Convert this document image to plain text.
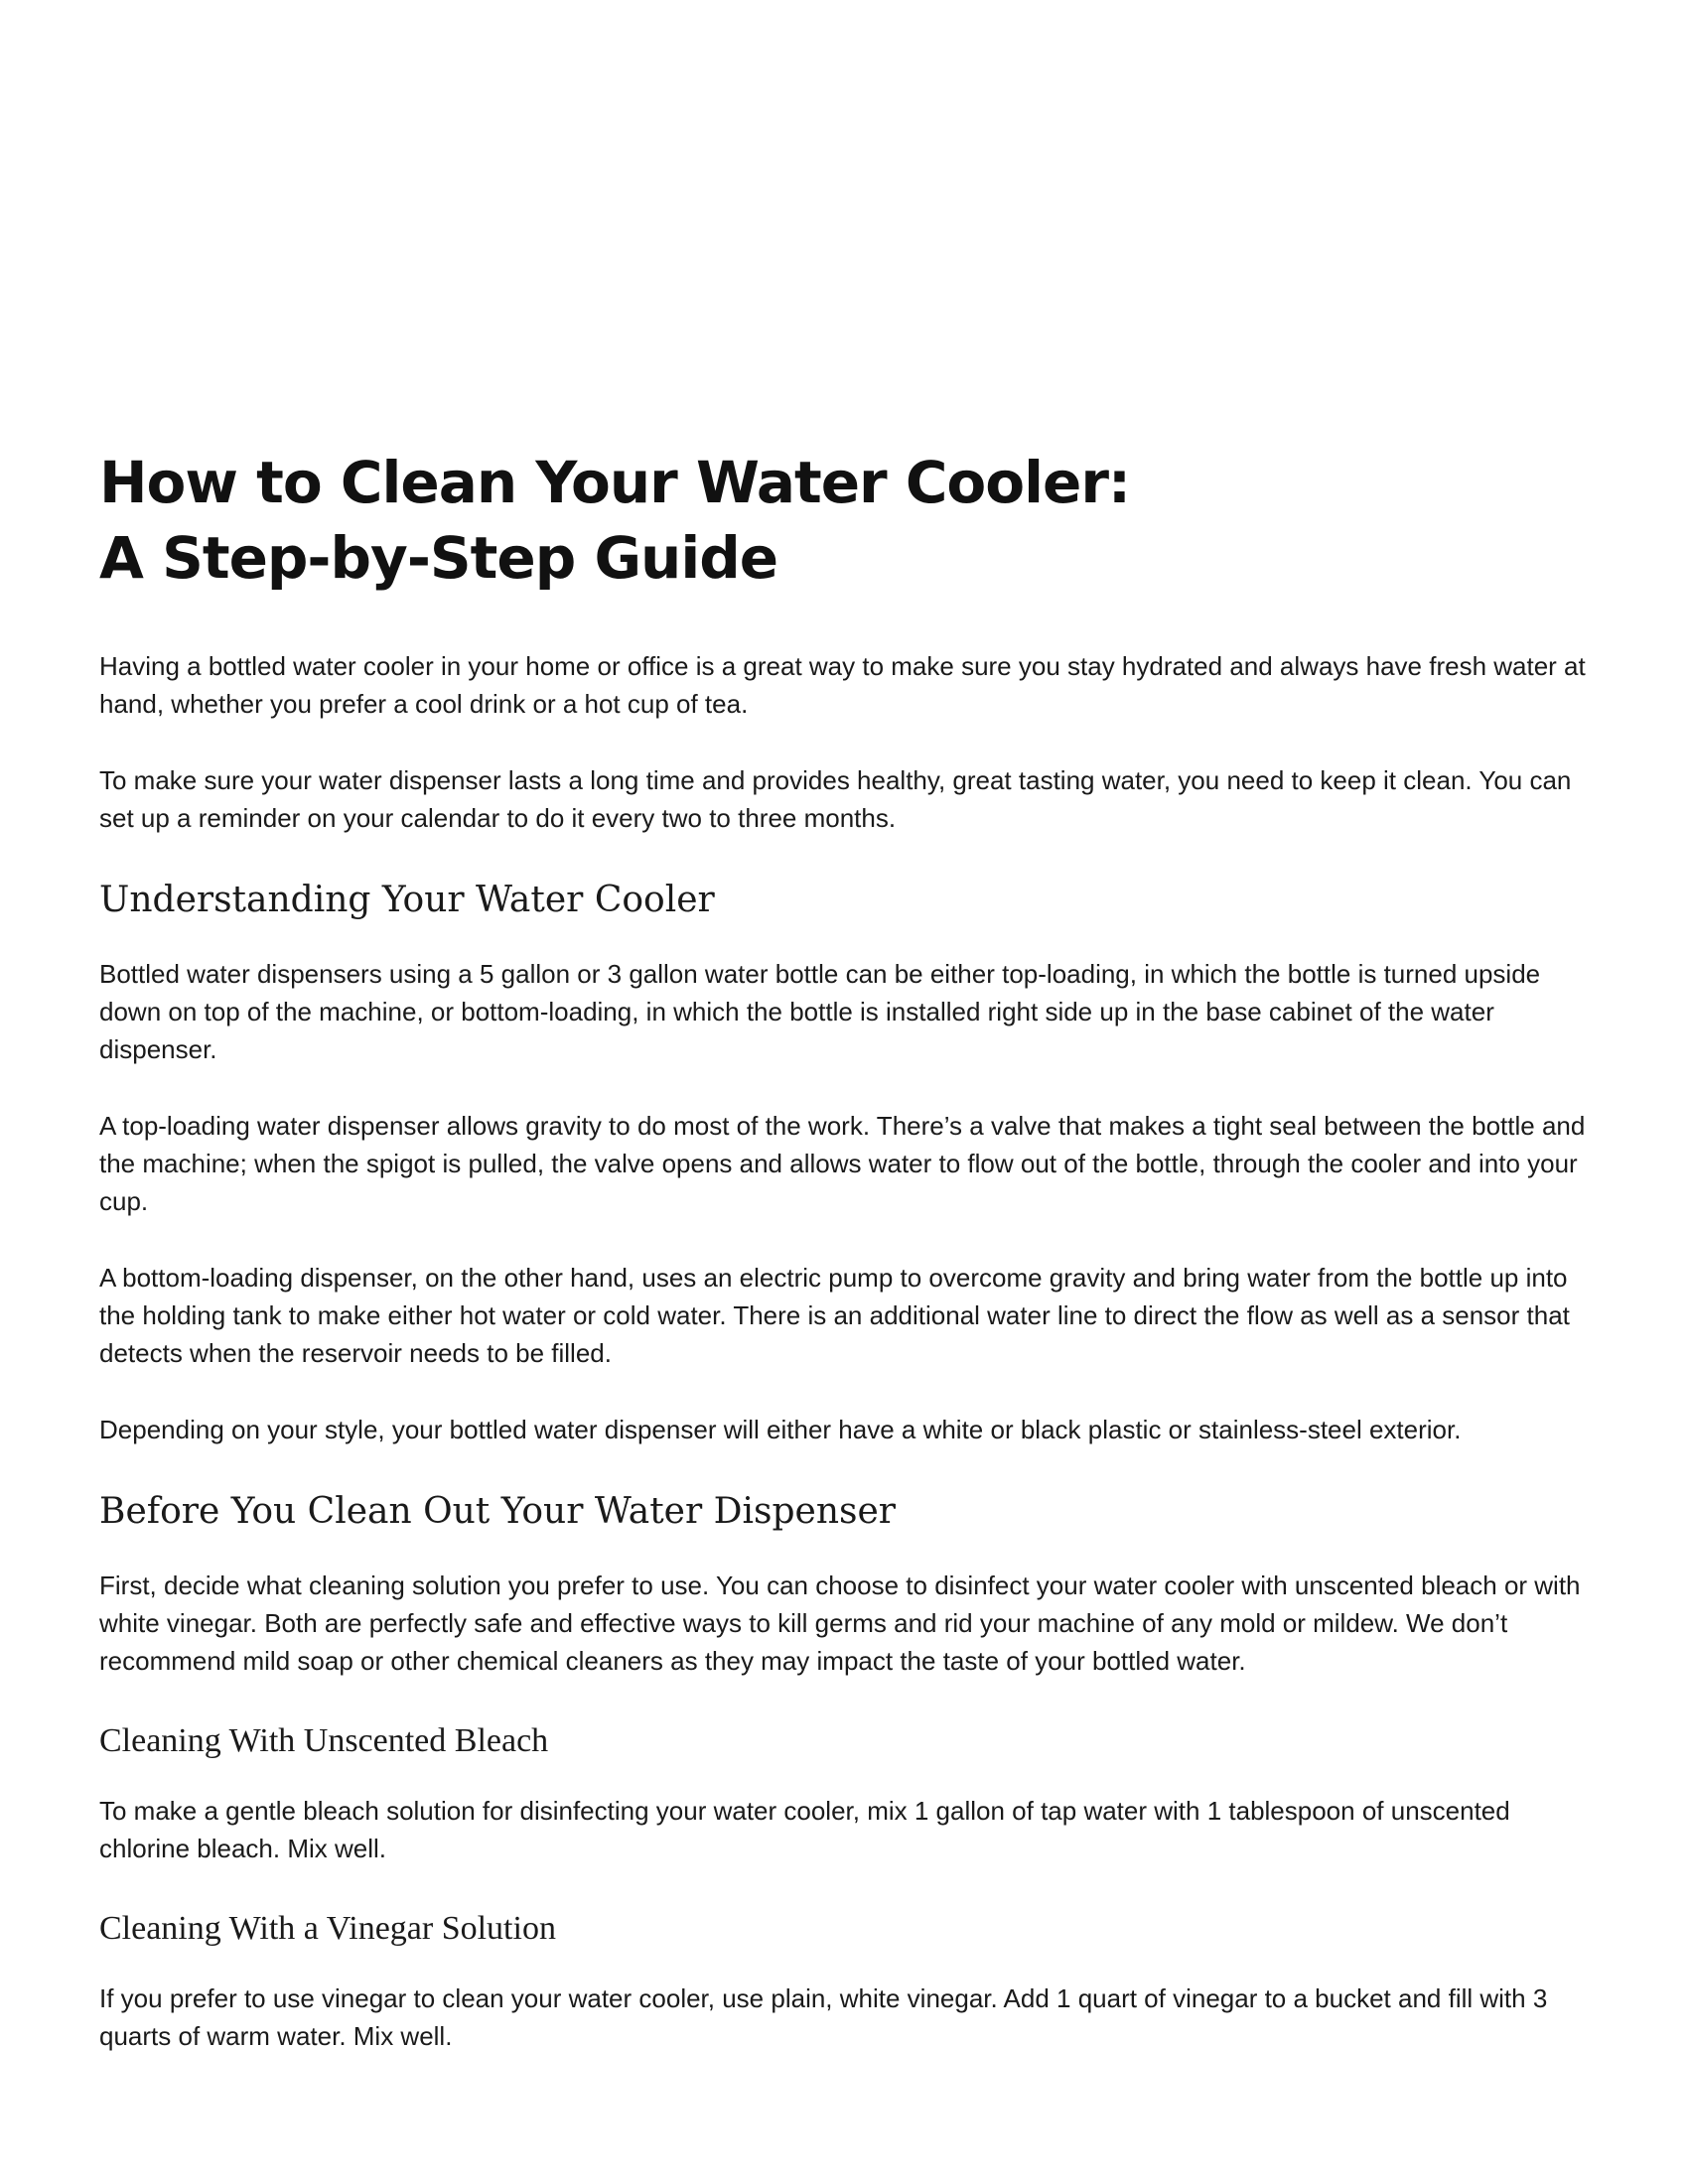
How to Clean Your Water Cooler:
A Step-by-Step Guide

Having a bottled water cooler in your home or office is a great way to make sure you stay hydrated and always have fresh water at hand, whether you prefer a cool drink or a hot cup of tea.

To make sure your water dispenser lasts a long time and provides healthy, great tasting water, you need to keep it clean. You can set up a reminder on your calendar to do it every two to three months.

Understanding Your Water Cooler

Bottled water dispensers using a 5 gallon or 3 gallon water bottle can be either top-loading, in which the bottle is turned upside down on top of the machine, or bottom-loading, in which the bottle is installed right side up in the base cabinet of the water dispenser.

A top-loading water dispenser allows gravity to do most of the work. There’s a valve that makes a tight seal between the bottle and the machine; when the spigot is pulled, the valve opens and allows water to flow out of the bottle, through the cooler and into your cup.

A bottom-loading dispenser, on the other hand, uses an electric pump to overcome gravity and bring water from the bottle up into the holding tank to make either hot water or cold water. There is an additional water line to direct the flow as well as a sensor that detects when the reservoir needs to be filled.

Depending on your style, your bottled water dispenser will either have a white or black plastic or stainless-steel exterior.

Before You Clean Out Your Water Dispenser

First, decide what cleaning solution you prefer to use. You can choose to disinfect your water cooler with unscented bleach or with white vinegar. Both are perfectly safe and effective ways to kill germs and rid your machine of any mold or mildew. We don’t recommend mild soap or other chemical cleaners as they may impact the taste of your bottled water.

Cleaning With Unscented Bleach

To make a gentle bleach solution for disinfecting your water cooler, mix 1 gallon of tap water with 1 tablespoon of unscented chlorine bleach. Mix well.

Cleaning With a Vinegar Solution

If you prefer to use vinegar to clean your water cooler, use plain, white vinegar. Add 1 quart of vinegar to a bucket and fill with 3 quarts of warm water. Mix well.
